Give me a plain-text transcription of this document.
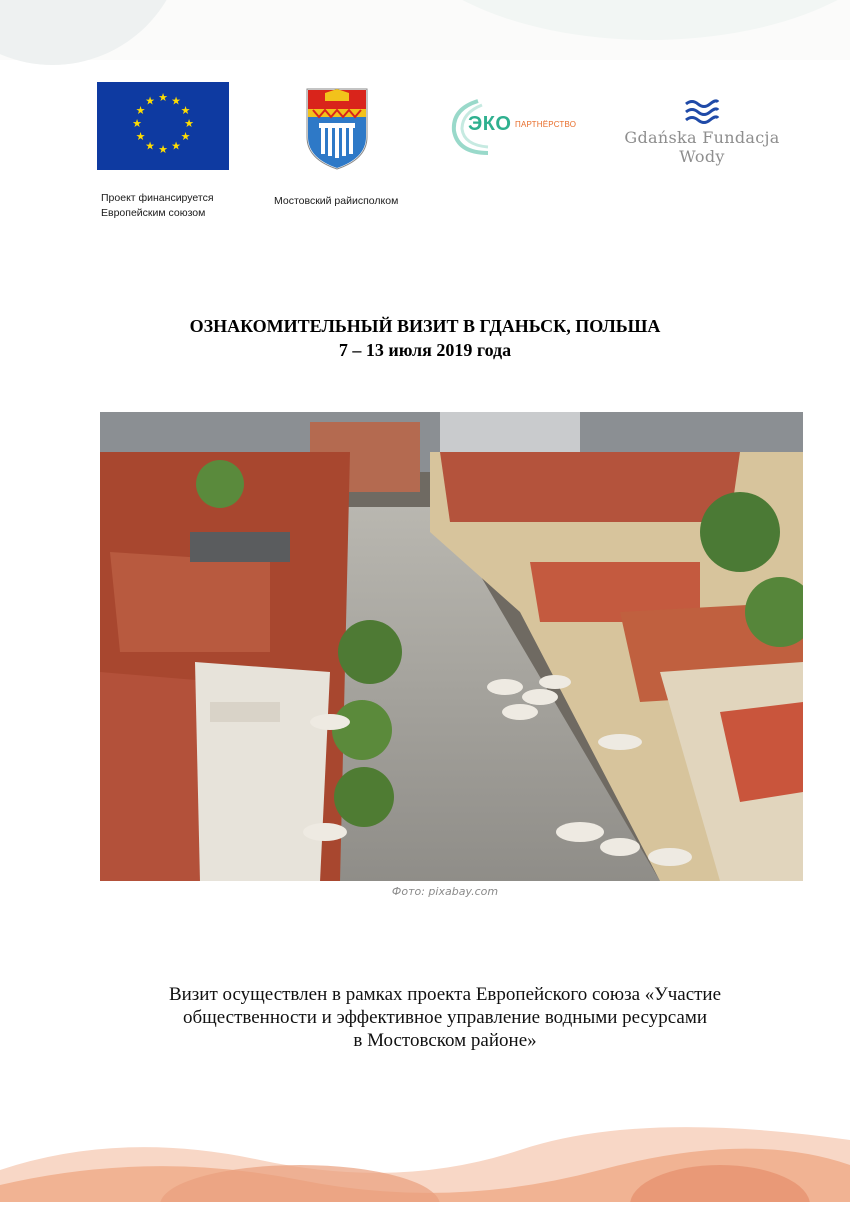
★ ★
★
★
★
★
★
★
★
★
★
★
ЭКО ПАРТНЁРСТВО
Gdańska Fundacja Wody
Проект финансируется
Европейским союзом
Мостовский райисполком
ОЗНАКОМИТЕЛЬНЫЙ ВИЗИТ В ГДАНЬСК, ПОЛЬША
7 – 13 июля 2019 года
Фото: pixabay.com
Визит осуществлен в рамках проекта Европейского союза «Участие
общественности и эффективное управление водными ресурсами
в Мостовском районе»
